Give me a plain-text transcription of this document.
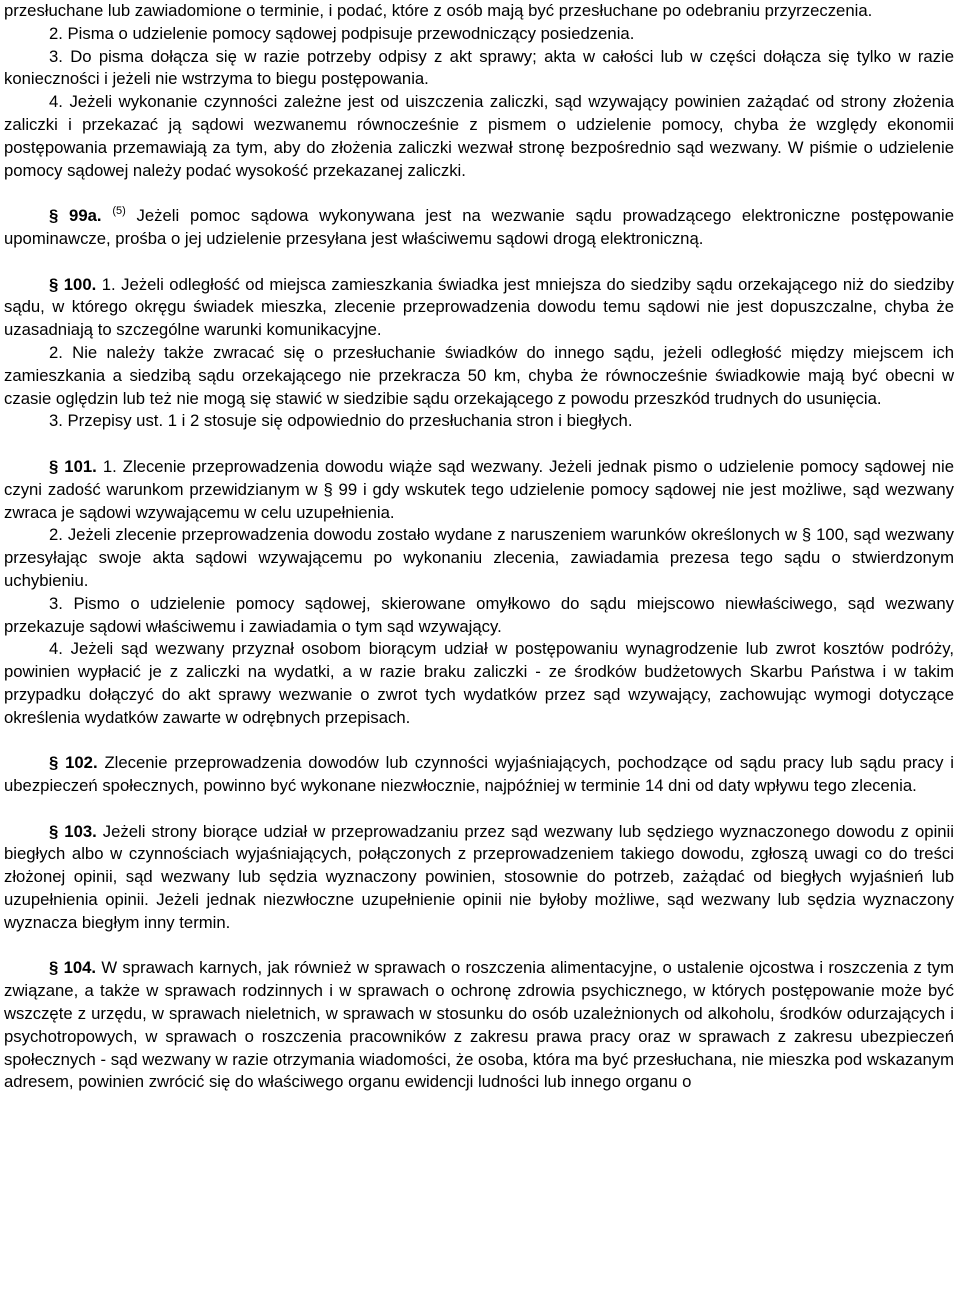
przesłuchane lub zawiadomione o terminie, i podać, które z osób mają być przesłuchane po odebraniu przyrzeczenia.

2. Pisma o udzielenie pomocy sądowej podpisuje przewodniczący posiedzenia.

3. Do pisma dołącza się w razie potrzeby odpisy z akt sprawy; akta w całości lub w części dołącza się tylko w razie konieczności i jeżeli nie wstrzyma to biegu postępowania.

4. Jeżeli wykonanie czynności zależne jest od uiszczenia zaliczki, sąd wzywający powinien zażądać od strony złożenia zaliczki i przekazać ją sądowi wezwanemu równocześnie z pismem o udzielenie pomocy, chyba że względy ekonomii postępowania przemawiają za tym, aby do złożenia zaliczki wezwał stronę bezpośrednio sąd wezwany. W piśmie o udzielenie pomocy sądowej należy podać wysokość przekazanej zaliczki.

§ 99a. $^{(5)}$ Jeżeli pomoc sądowa wykonywana jest na wezwanie sądu prowadzącego elektroniczne postępowanie upominawcze, prośba o jej udzielenie przesyłana jest właściwemu sądowi drogą elektroniczną.

§ 100. 1. Jeżeli odległość od miejsca zamieszkania świadka jest mniejsza do siedziby sądu orzekającego niż do siedziby sądu, w którego okręgu świadek mieszka, zlecenie przeprowadzenia dowodu temu sądowi nie jest dopuszczalne, chyba że uzasadniają to szczególne warunki komunikacyjne.

2. Nie należy także zwracać się o przesłuchanie świadków do innego sądu, jeżeli odległość między miejscem ich zamieszkania a siedzibą sądu orzekającego nie przekracza 50 km, chyba że równocześnie świadkowie mają być obecni w czasie oględzin lub też nie mogą się stawić w siedzibie sądu orzekającego z powodu przeszkód trudnych do usunięcia.

3. Przepisy ust. 1 i 2 stosuje się odpowiednio do przesłuchania stron i biegłych.

§ 101. 1. Zlecenie przeprowadzenia dowodu wiąże sąd wezwany. Jeżeli jednak pismo o udzielenie pomocy sądowej nie czyni zadość warunkom przewidzianym w § 99 i gdy wskutek tego udzielenie pomocy sądowej nie jest możliwe, sąd wezwany zwraca je sądowi wzywającemu w celu uzupełnienia.

2. Jeżeli zlecenie przeprowadzenia dowodu zostało wydane z naruszeniem warunków określonych w § 100, sąd wezwany przesyłając swoje akta sądowi wzywającemu po wykonaniu zlecenia, zawiadamia prezesa tego sądu o stwierdzonym uchybieniu.

3. Pismo o udzielenie pomocy sądowej, skierowane omyłkowo do sądu miejscowo niewłaściwego, sąd wezwany przekazuje sądowi właściwemu i zawiadamia o tym sąd wzywający.

4. Jeżeli sąd wezwany przyznał osobom biorącym udział w postępowaniu wynagrodzenie lub zwrot kosztów podróży, powinien wypłacić je z zaliczki na wydatki, a w razie braku zaliczki - ze środków budżetowych Skarbu Państwa i w takim przypadku dołączyć do akt sprawy wezwanie o zwrot tych wydatków przez sąd wzywający, zachowując wymogi dotyczące określenia wydatków zawarte w odrębnych przepisach.

§ 102. Zlecenie przeprowadzenia dowodów lub czynności wyjaśniających, pochodzące od sądu pracy lub sądu pracy i ubezpieczeń społecznych, powinno być wykonane niezwłocznie, najpóźniej w terminie 14 dni od daty wpływu tego zlecenia.

§ 103. Jeżeli strony biorące udział w przeprowadzaniu przez sąd wezwany lub sędziego wyznaczonego dowodu z opinii biegłych albo w czynnościach wyjaśniających, połączonych z przeprowadzeniem takiego dowodu, zgłoszą uwagi co do treści złożonej opinii, sąd wezwany lub sędzia wyznaczony powinien, stosownie do potrzeb, zażądać od biegłych wyjaśnień lub uzupełnienia opinii. Jeżeli jednak niezwłoczne uzupełnienie opinii nie byłoby możliwe, sąd wezwany lub sędzia wyznaczony wyznacza biegłym inny termin.

§ 104. W sprawach karnych, jak również w sprawach o roszczenia alimentacyjne, o ustalenie ojcostwa i roszczenia z tym związane, a także w sprawach rodzinnych i w sprawach o ochronę zdrowia psychicznego, w których postępowanie może być wszczęte z urzędu, w sprawach nieletnich, w sprawach w stosunku do osób uzależnionych od alkoholu, środków odurzających i psychotropowych, w sprawach o roszczenia pracowników z zakresu prawa pracy oraz w sprawach z zakresu ubezpieczeń społecznych - sąd wezwany w razie otrzymania wiadomości, że osoba, która ma być przesłuchana, nie mieszka pod wskazanym adresem, powinien zwrócić się do właściwego organu ewidencji ludności lub innego organu o
